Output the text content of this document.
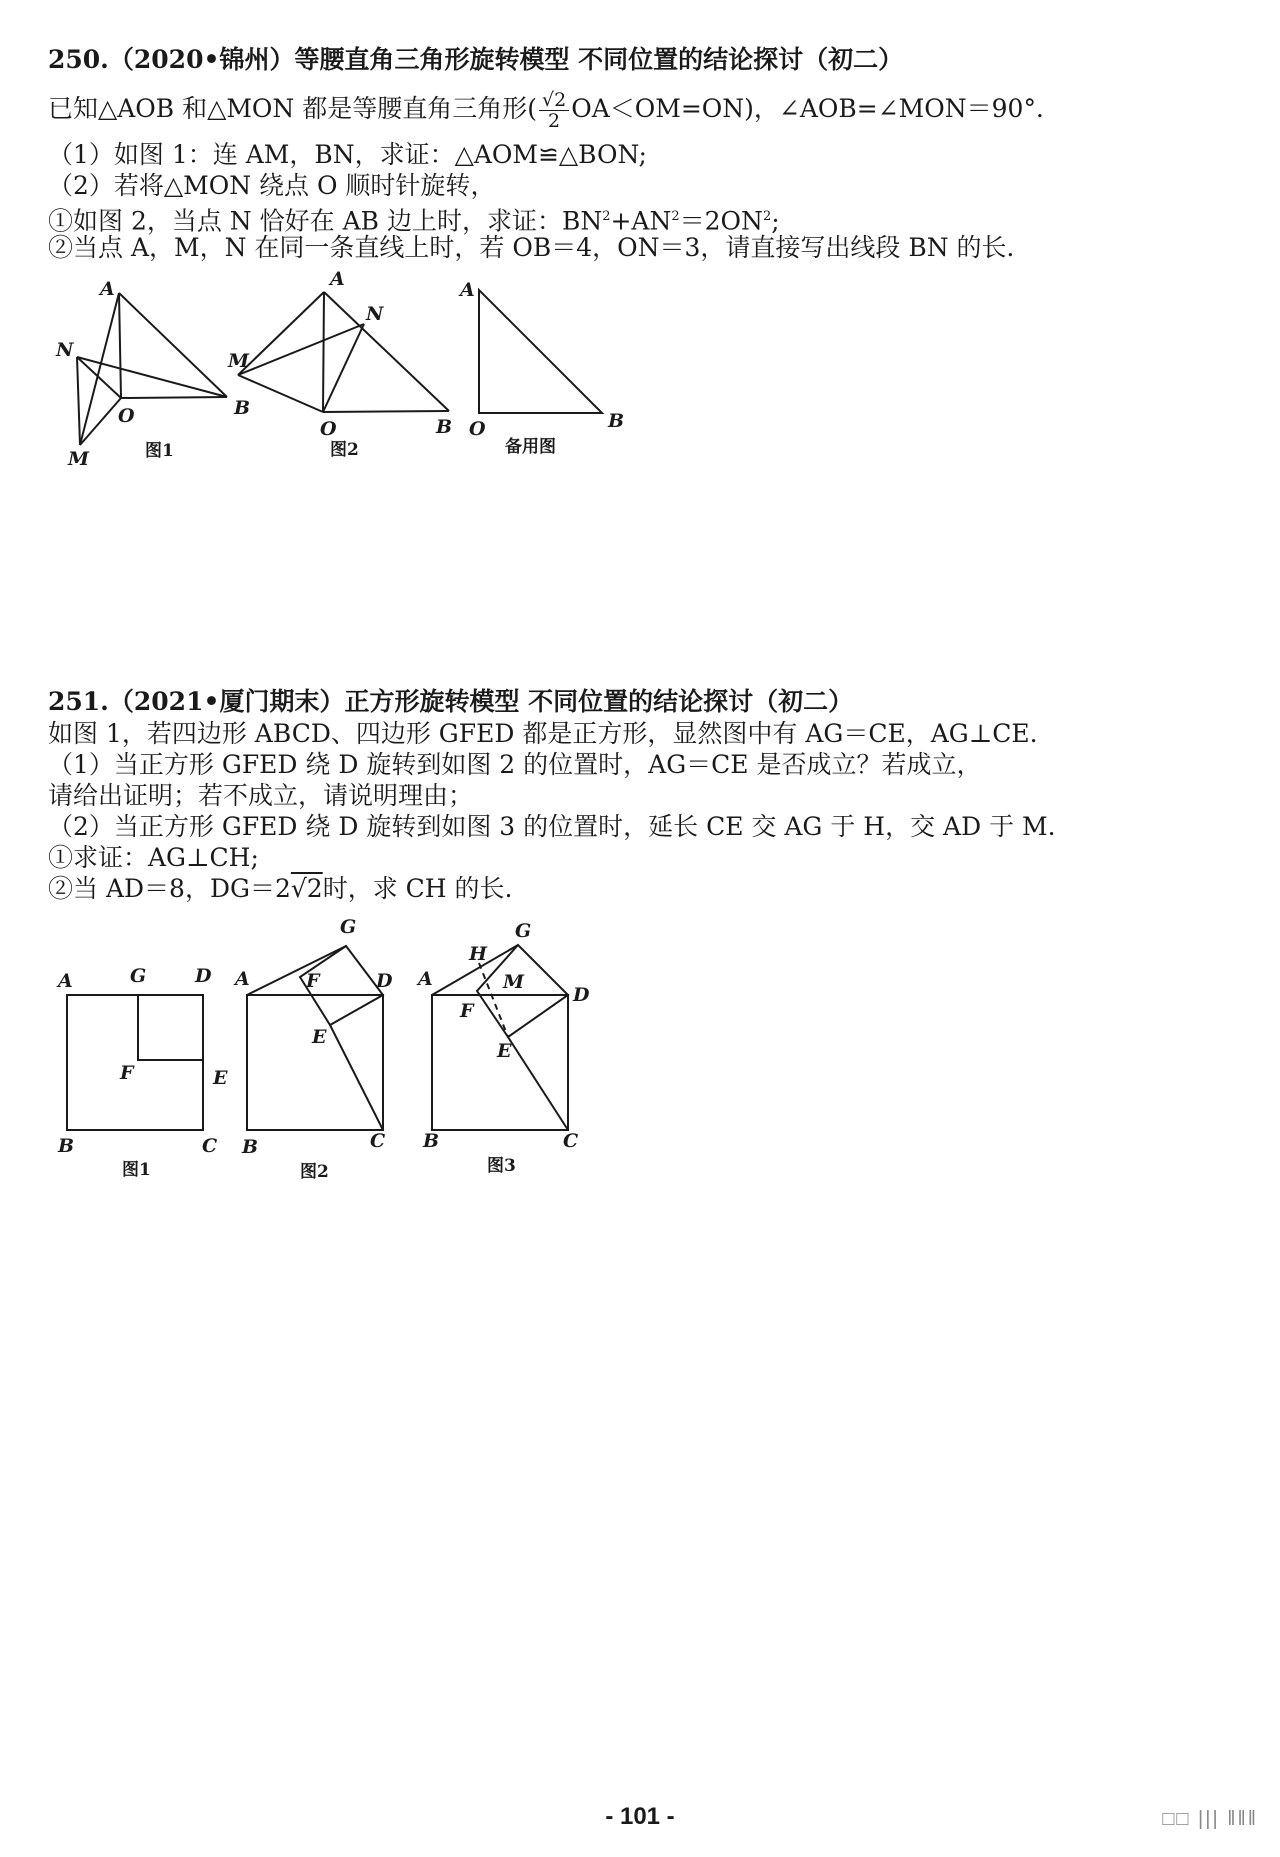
250.（2020•锦州）等腰直角三角形旋转模型 不同位置的结论探讨（初二）
已知△AOB 和△MON 都是等腰直角三角形( $\frac{√2}{2} OA<OM=ON$)，∠AOB=∠MON＝90°．
（1）如图 1：连 AM，BN，求证：△AOM≌△BON;
（2）若将△MON 绕点 O 顺时针旋转，
①如图 2，当点 N 恰好在 AB 边上时，求证：$BN^2+AN^2=2ON^2$;
②当点 A，M，N 在同一条直线上时，若 OB＝4，ON＝3，请直接写出线段 BN 的长．
A
N
O	B
M	图1
A
N
O	B
图2
M
A
O	B
备用图
251.（2021•厦门期末）正方形旋转模型 不同位置的结论探讨（初二）
如图 1，若四边形 ABCD、四边形 GFED 都是正方形，显然图中有 AG＝CE，AG⊥CE.
（1）当正方形 GFED 绕 D 旋转到如图 2 的位置时，AG＝CE 是否成立？若成立，
请给出证明；若不成立，请说明理由；
（2）当正方形 GFED 绕 D 旋转到如图 3 的位置时，延长 CE 交 AG 于 H，交 AD 于 M.
①求证：AG⊥CH;
②当 AD＝8，DG＝2√2时，求 CH 的长.
A	G	D
F	E
B	C
图1
G
A	F	D
E
B	C
图2
H
G
A	M
D
F
E
B	C
图3
- 101 -	□□ ||| ‖‖‖
